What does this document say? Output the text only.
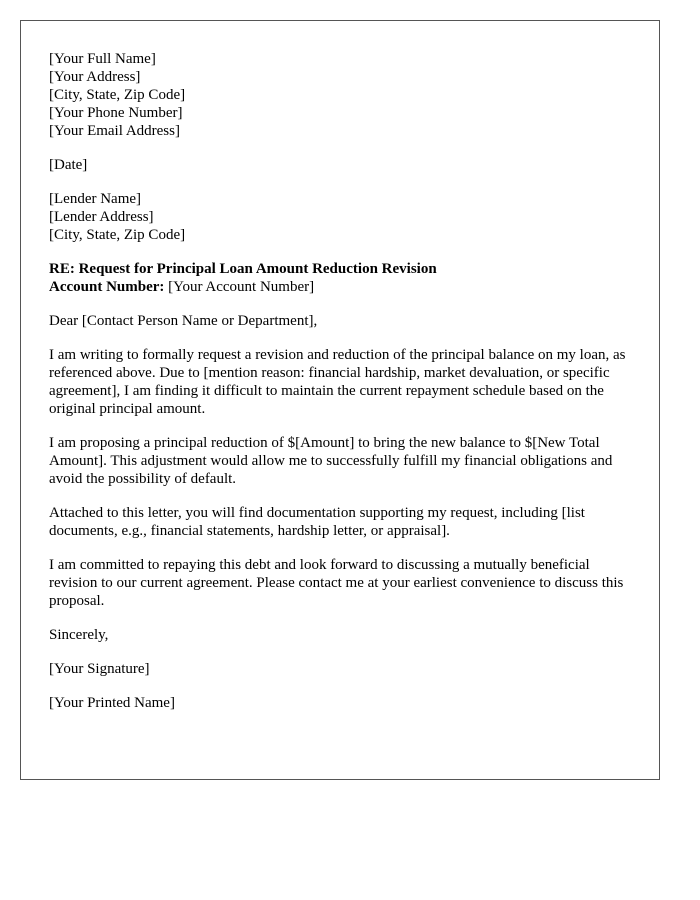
[Your Full Name]
[Your Address]
[City, State, Zip Code]
[Your Phone Number]
[Your Email Address]
[Date]
[Lender Name]
[Lender Address]
[City, State, Zip Code]
RE: Request for Principal Loan Amount Reduction Revision
Account Number: [Your Account Number]

Dear [Contact Person Name or Department],

I am writing to formally request a revision and reduction of the principal balance on my loan, as referenced above. Due to [mention reason: financial hardship, market devaluation, or specific agreement], I am finding it difficult to maintain the current repayment schedule based on the original principal amount.

I am proposing a principal reduction of $[Amount] to bring the new balance to $[New Total Amount]. This adjustment would allow me to successfully fulfill my financial obligations and avoid the possibility of default.

Attached to this letter, you will find documentation supporting my request, including [list documents, e.g., financial statements, hardship letter, or appraisal].

I am committed to repaying this debt and look forward to discussing a mutually beneficial revision to our current agreement. Please contact me at your earliest convenience to discuss this proposal.

Sincerely,

[Your Signature]

[Your Printed Name]
